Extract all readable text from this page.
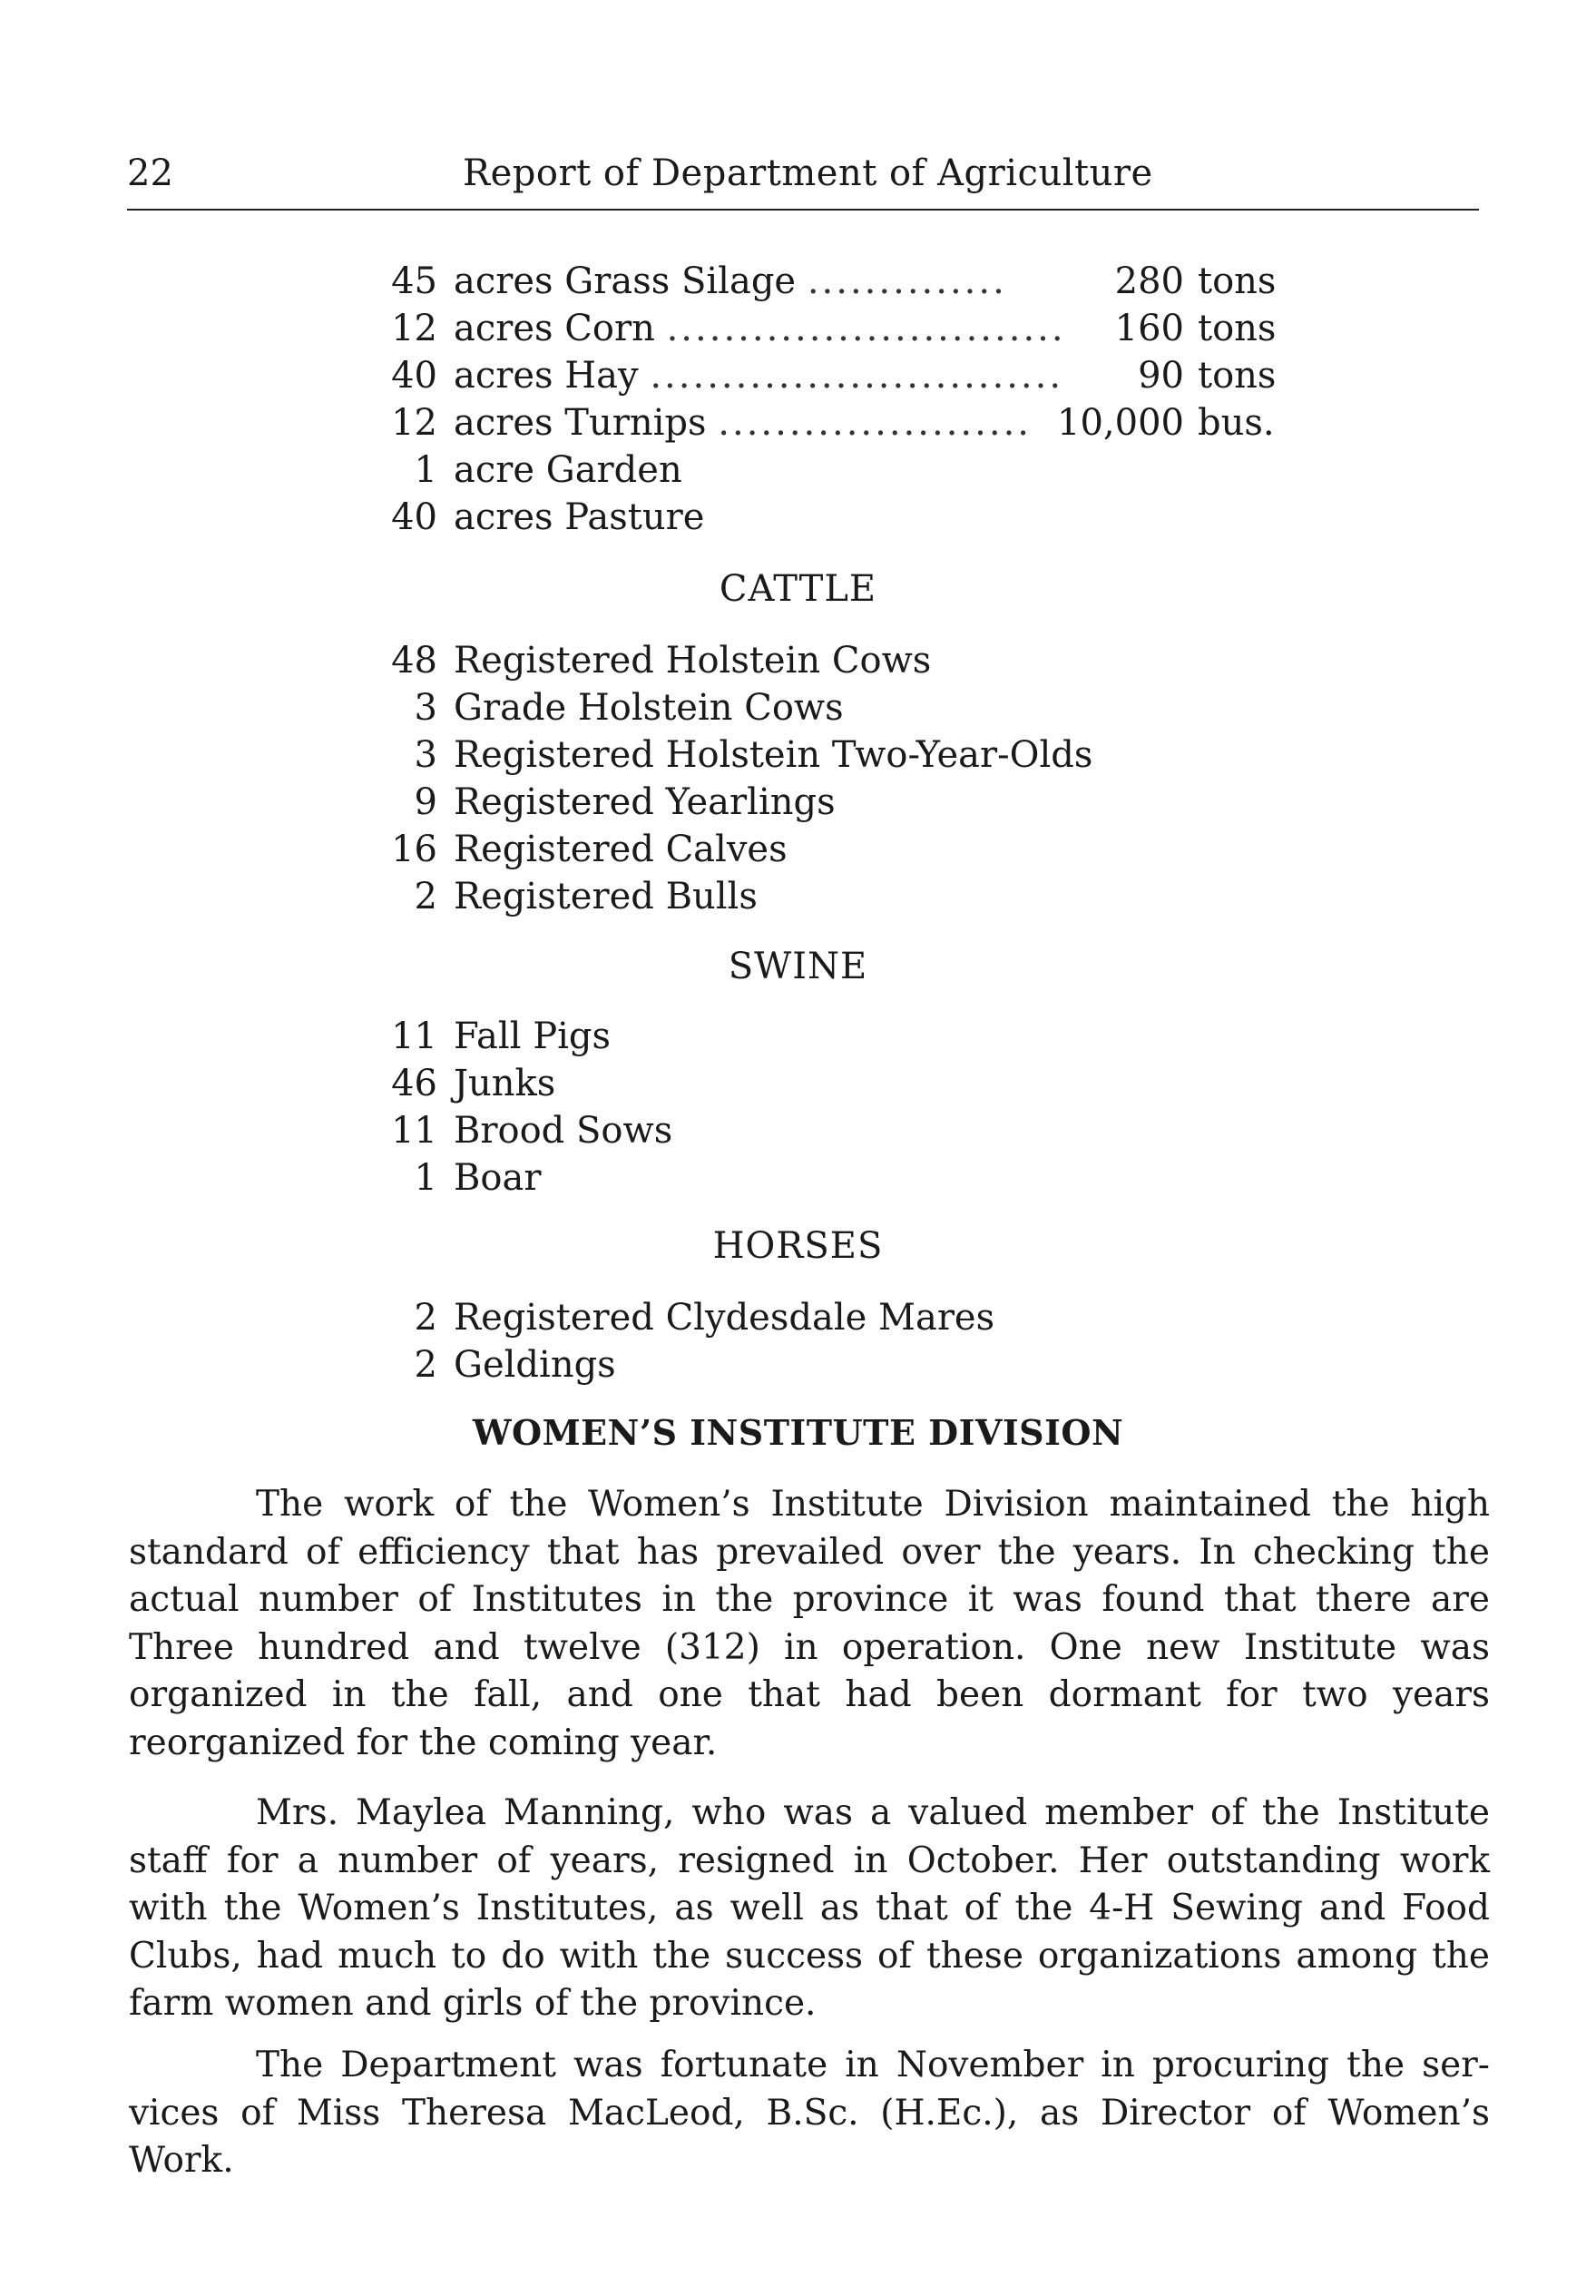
22	Report of Department of Agriculture
45 acres Grass Silage ..............	280 tons
12 acres Corn ............................	160 tons
40 acres Hay .............................	90 tons
12 acres Turnips ...................... 10,000 bus.
1 acre Garden
40 acres Pasture
CATTLE
48 Registered Holstein Cows
3 Grade Holstein Cows
3 Registered Holstein Two-Year-Olds
9 Registered Yearlings
16 Registered Calves
2 Registered Bulls
SWINE
11 Fall Pigs
46 Junks
11 Brood Sows
1 Boar
HORSES
2 Registered Clydesdale Mares
2 Geldings
WOMEN’S INSTITUTE DIVISION

The work of the Women’s Institute Division maintained the high standard of efficiency that has prevailed over the years. In checking the actual number of Institutes in the province it was found that there are Three hundred and twelve (312) in operation. One new Institute was organized in the fall, and one that had been dormant for two years reorganized for the coming year.

Mrs. Maylea Manning, who was a valued member of the Institute staff for a number of years, resigned in October. Her outstanding work with the Women’s Institutes, as well as that of the 4-H Sewing and Food Clubs, had much to do with the success of these organizations among the farm women and girls of the province.

The Department was fortunate in November in procuring the ser-vices of Miss Theresa MacLeod, B.Sc. (H.Ec.), as Director of Women’s Work.
